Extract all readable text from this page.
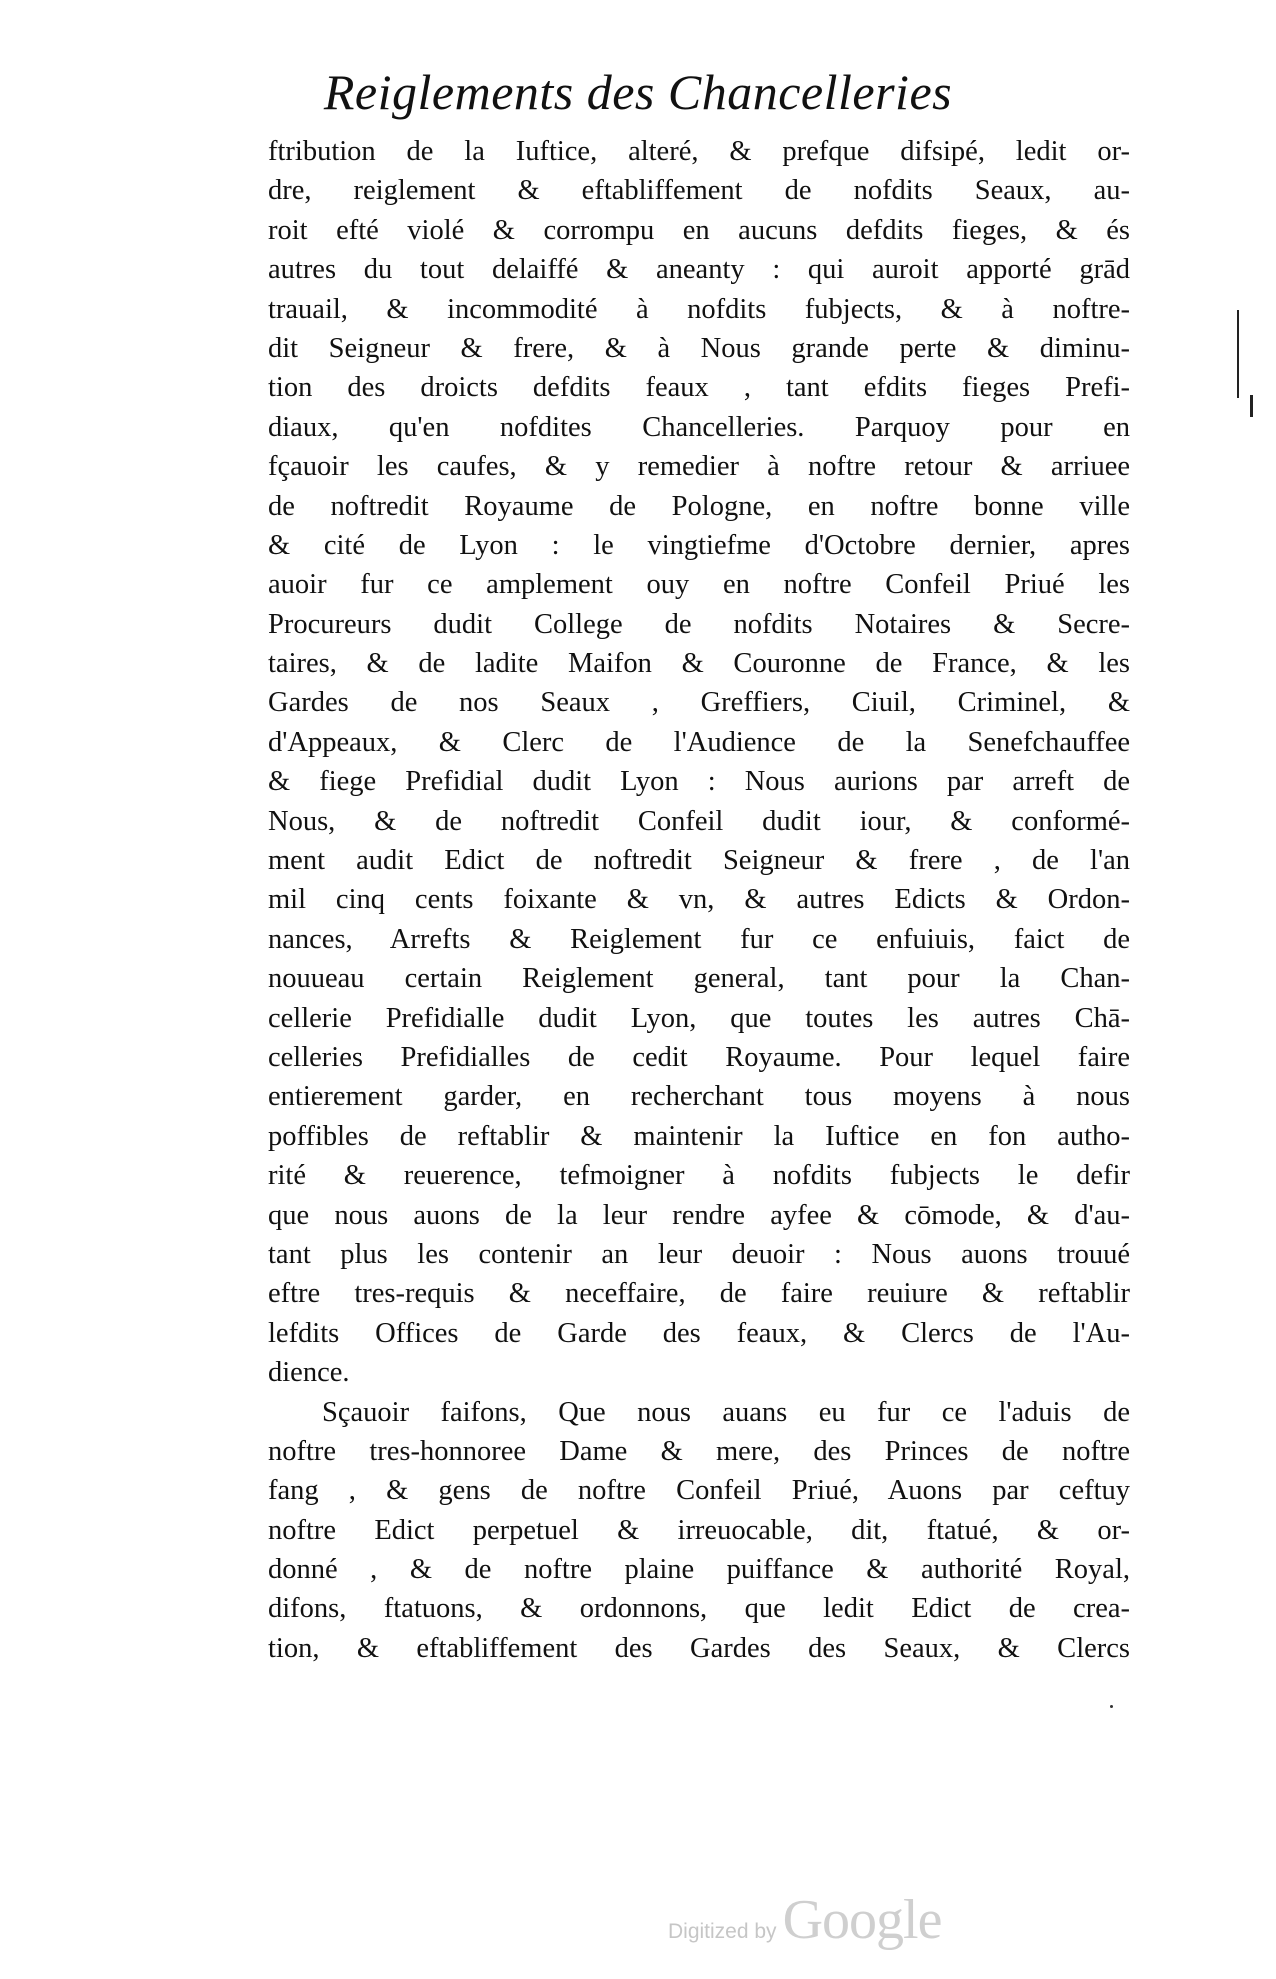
Reiglements des Chancelleries
ftribution de la Iuftice, alteré, & prefque difsipé, ledit or-
dre, reiglement & eftabliffement de nofdits Seaux, au-
roit efté violé & corrompu en aucuns defdits fieges, & és
autres du tout delaiffé & aneanty : qui auroit apporté grād
trauail, & incommodité à nofdits fubjects, & à noftre-
dit Seigneur & frere, & à Nous grande perte & diminu-
tion des droicts defdits feaux , tant efdits fieges Prefi-
diaux, qu'en nofdites Chancelleries. Parquoy pour en
fçauoir les caufes, & y remedier à noftre retour & arriuee
de noftredit Royaume de Pologne, en noftre bonne ville
& cité de Lyon : le vingtiefme d'Octobre dernier, apres
auoir fur ce amplement ouy en noftre Confeil Priué les
Procureurs dudit College de nofdits Notaires & Secre-
taires, & de ladite Maifon & Couronne de France, & les
Gardes de nos Seaux , Greffiers, Ciuil, Criminel, &
d'Appeaux, & Clerc de l'Audience de la Senefchauffee
& fiege Prefidial dudit Lyon : Nous aurions par arreft de
Nous, & de noftredit Confeil dudit iour, & conformé-
ment audit Edict de noftredit Seigneur & frere , de l'an
mil cinq cents foixante & vn, & autres Edicts & Ordon-
nances, Arrefts & Reiglement fur ce enfuiuis, faict de
nouueau certain Reiglement general, tant pour la Chan-
cellerie Prefidialle dudit Lyon, que toutes les autres Chā-
celleries Prefidialles de cedit Royaume. Pour lequel faire
entierement garder, en recherchant tous moyens à nous
poffibles de reftablir & maintenir la Iuftice en fon autho-
rité & reuerence, tefmoigner à nofdits fubjects le defir
que nous auons de la leur rendre ayfee & cōmode, & d'au-
tant plus les contenir an leur deuoir : Nous auons trouué
eftre tres-requis & neceffaire, de faire reuiure & reftablir
lefdits Offices de Garde des feaux, & Clercs de l'Au-
dience.
Sçauoir faifons, Que nous auans eu fur ce l'aduis de
noftre tres-honnoree Dame & mere, des Princes de noftre
fang , & gens de noftre Confeil Priué, Auons par ceftuy
noftre Edict perpetuel & irreuocable, dit, ftatué, & or-
donné , & de noftre plaine puiffance & authorité Royal,
difons, ftatuons, & ordonnons, que ledit Edict de crea-
tion, & eftabliffement des Gardes des Seaux, & Clercs
Digitized by Google
